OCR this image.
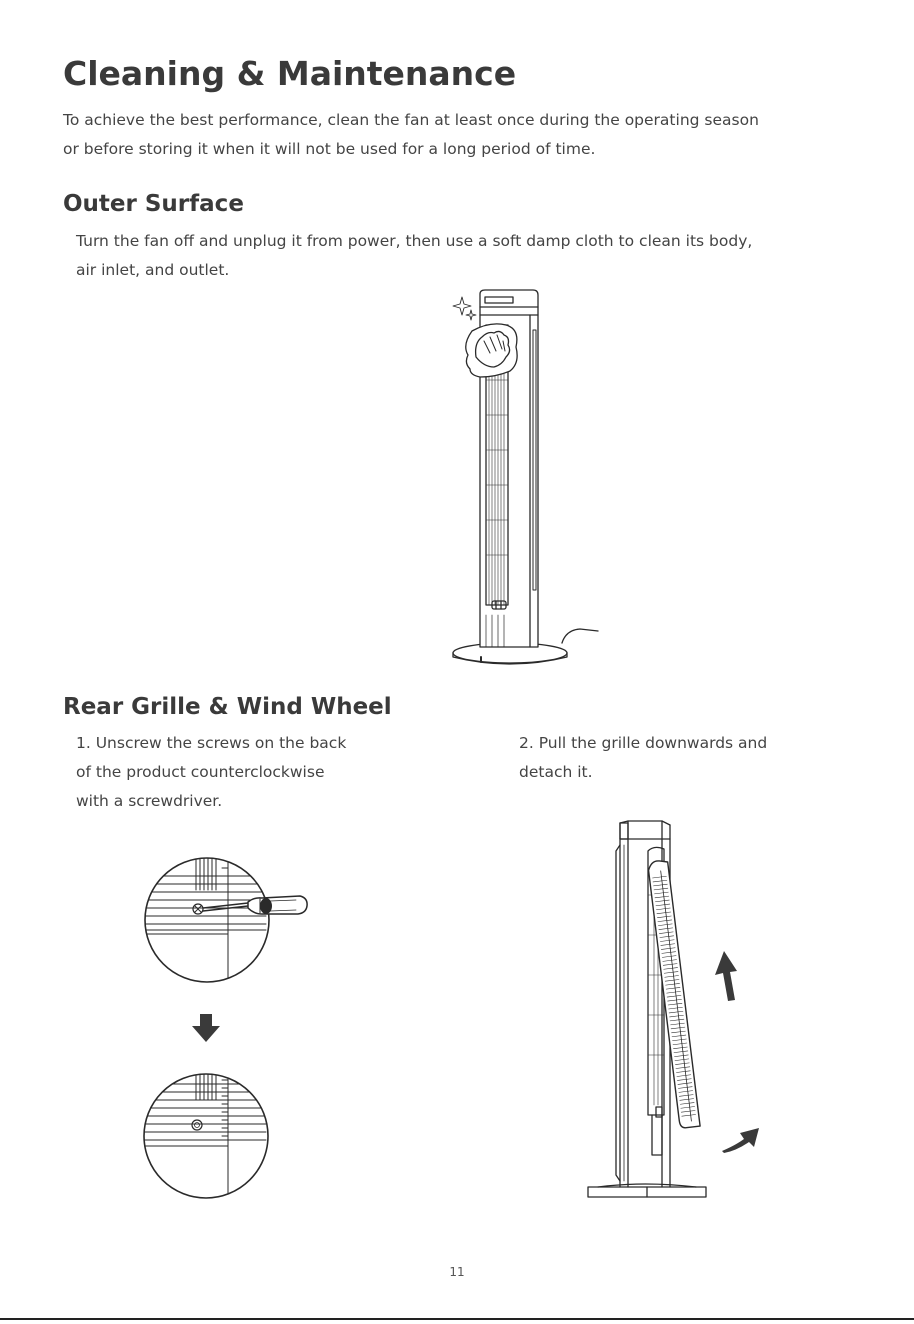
Cleaning & Maintenance

To achieve the best performance, clean the fan at least once during the operating season
or before storing it when it will not be used for a long period of time.

Outer Surface

Turn the fan off and unplug it from power, then use a soft damp cloth to clean its body,
air inlet, and outlet.

Rear Grille & Wind Wheel

1. Unscrew the screws on the back
of the product counterclockwise
with a screwdriver.

2. Pull the grille downwards and
detach it.

11
